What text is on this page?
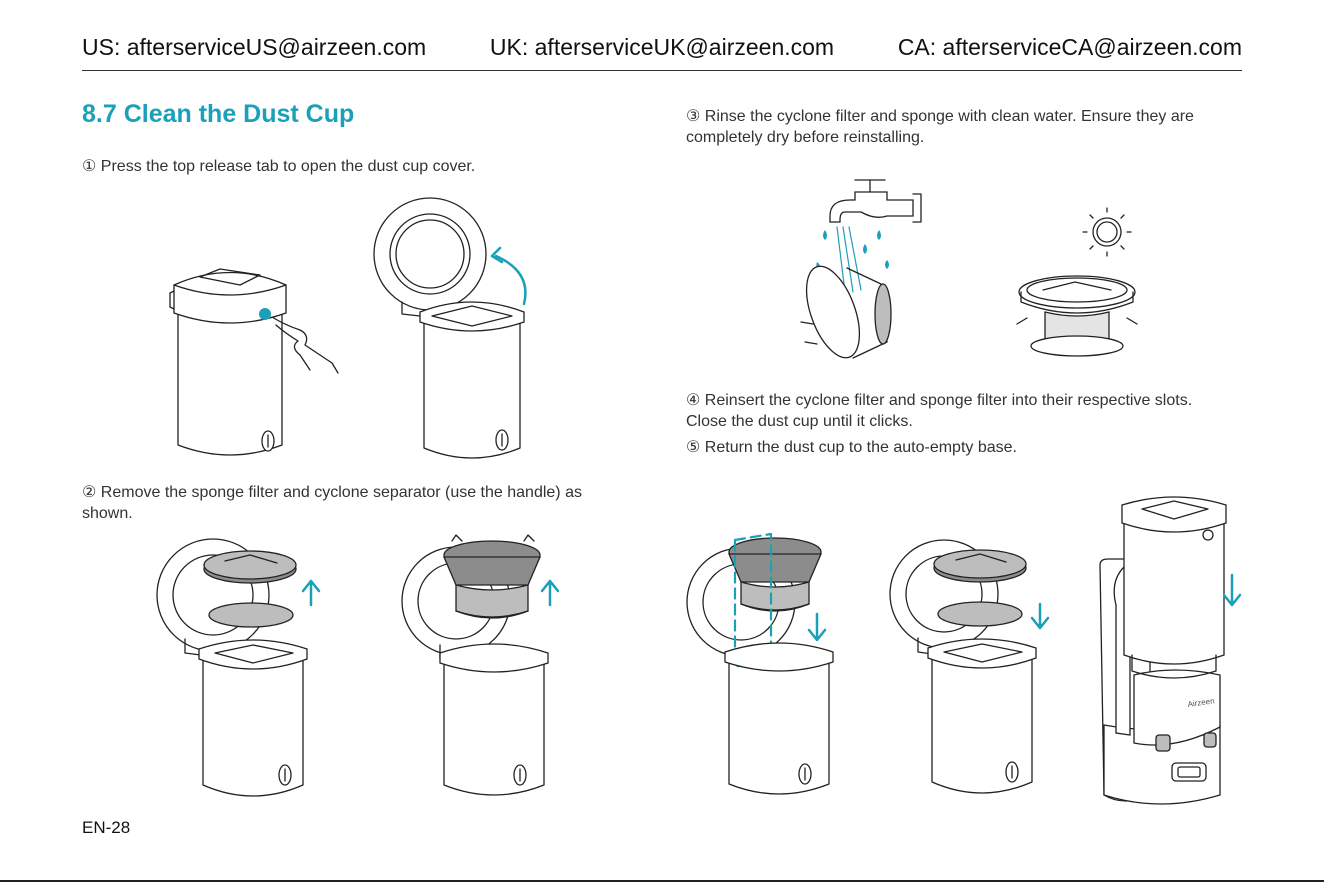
US: afterserviceUS@airzeen.com	UK: afterserviceUK@airzeen.com	CA: afterserviceCA@airzeen.com
8.7 Clean the Dust Cup
① Press the top release tab to open the dust cup cover.
② Remove the sponge filter and cyclone separator (use the handle) as shown.
③ Rinse the cyclone filter and sponge with clean water. Ensure they are completely dry before reinstalling.
④ Reinsert the cyclone filter and sponge filter into their respective slots. Close the dust cup until it clicks.
⑤ Return the dust cup to the auto-empty base.
Airzeen
EN-28
